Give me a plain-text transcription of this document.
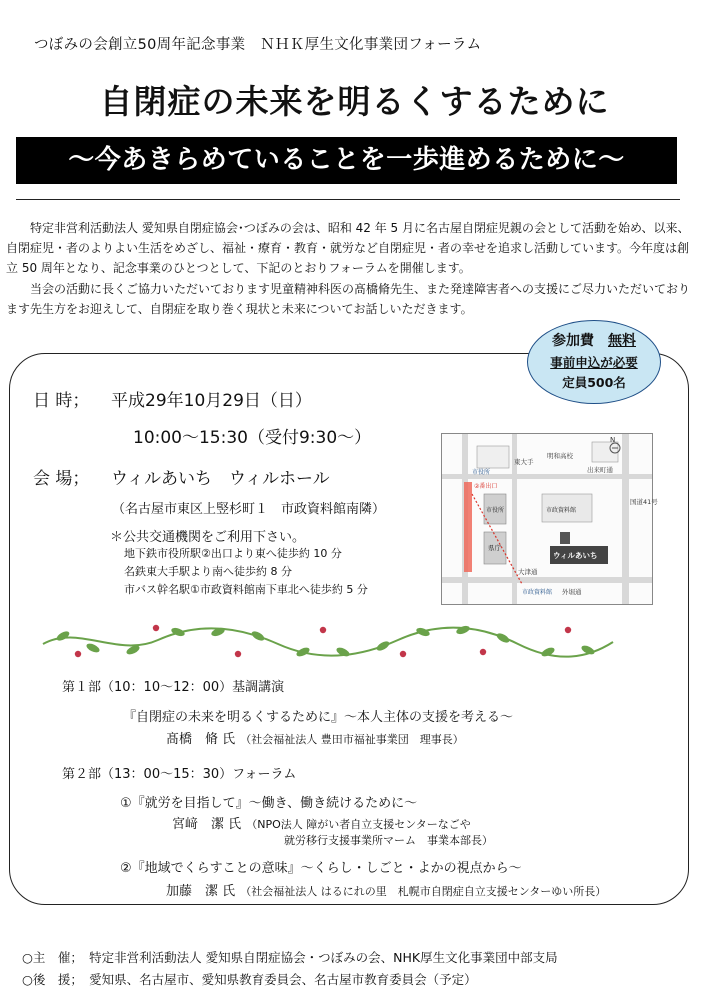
つぼみの会創立50周年記念事業　ＮＨＫ厚生文化事業団フォーラム
自閉症の未来を明るくするために
～今あきらめていることを一歩進めるために～

特定非営利活動法人 愛知県自閉症協会･つぼみの会は、昭和 42 年 5 月に名古屋自閉症児親の会として活動を始め、以来、自閉症児・者のよりよい生活をめざし、福祉・療育・教育・就労など自閉症児・者の幸せを追求し活動しています。今年度は創立 50 周年となり、記念事業のひとつとして、下記のとおりフォーラムを開催します。

当会の活動に長くご協力いただいております児童精神科医の髙橋脩先生、また発達障害者への支援にご尽力いただいております先生方をお迎えして、自閉症を取り巻く現状と未来についてお話しいただきます。

参加費　 無料
事前申込が必要
定員500名
日 時； 平成29年10月29日（日）
10:00～15:30（受付9:30～）
会 場； ウィルあいち　ウィルホール
（名古屋市東区上竪杉町１　市政資料館南隣）
＊公共交通機関をご利用下さい。
地下鉄市役所駅②出口より東へ徒歩約 10 分
名鉄東大手駅より南へ徒歩約 8 分
市バス幹名駅①市政資料館南下車北へ徒歩約 5 分
N
東大手
明和高校
出来町通
国道41号
②番出口
市役所
県庁
市政資料館
ウィルあいち
大津通
市政資料館 外堀通
市役所
第１部（10：10～12：00）基調講演
『自閉症の未来を明るくするために』～本人主体の支援を考える～
髙橋　脩 氏 （社会福祉法人 豊田市福祉事業団　理事長）
第２部（13：00～15：30）フォーラム
①『就労を目指して』～働き、働き続けるために～
宮﨑　潔 氏 （NPO法人 障がい者自立支援センターなごや
就労移行支援事業所マーム　事業本部長）
②『地域でくらすことの意味』～くらし・しごと・よかの視点から～
加藤　潔 氏 （社会福祉法人 はるにれの里　札幌市自閉症自立支援センターゆい所長）
○主　催；　特定非営利活動法人 愛知県自閉症協会・つぼみの会、NHK厚生文化事業団中部支局
○後　援；　愛知県、名古屋市、愛知県教育委員会、名古屋市教育委員会（予定）
